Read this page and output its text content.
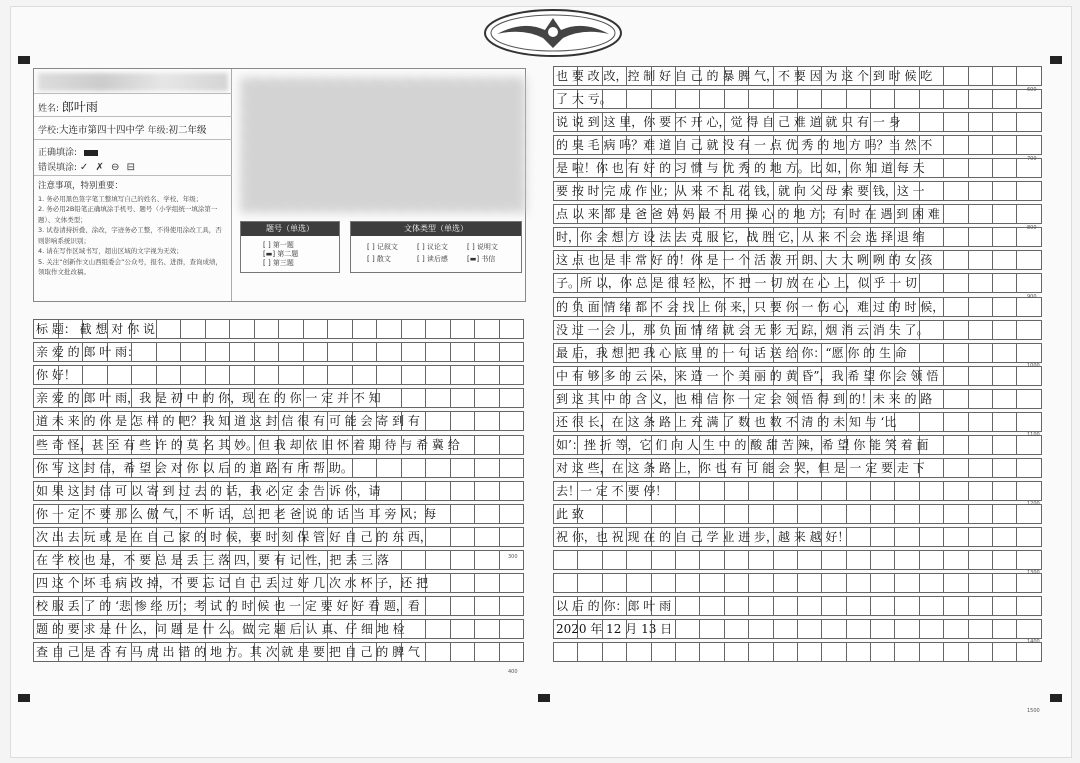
姓名: 郎叶雨
学校:大连市第四十四中学 年级:初二年级
正确填涂:
错误填涂: ✓ ✗ ⊖ ⊟
注意事项，特别重要：
1. 务必用黑色签字笔工整填写自己的姓名、学校、年级；
2. 务必用2B铅笔正确填涂手机号、题号（小学组统一填涂第一题）、文体类型；
3. 试卷清持折叠、涂改，字迹务必工整，不得使用涂改工具，否则影响系统识别；
4. 请在写作区域书写，超出区域的文字视为无效；
5. 关注“创新作文山西组委会”公众号，报名、进群，查询成绩，领取作文批改稿。
题号（单选）
[ ] 第一题
[▬] 第二题
[ ] 第三题
文体类型（单选）
[ ] 记叙文	[ ] 议论文	[ ] 说明文
[ ] 散文	[ ] 读后感	[▬] 书信
标 题： 截 想 对 你 说
亲 爱 的 郎 叶 雨：
你 好！
亲 爱 的 郎 叶 雨，我 是 初 中 的 你，现 在 的 你 一 定 并 不 知
道 未 来 的 你 是 怎 样 的 吧？我 知 道 这 封 信 很 有 可 能 会 寄 到 有
些 奇 怪，甚 至 有 些 许 的 莫 名 其 妙。但 我 却 依 旧 怀 着 期 待 与 希 冀 给
你 写 这 封 信，希 望 会 对 你 以 后 的 道 路 有 所 帮 助。
如 果 这 封 信 可 以 寄 到 过 去 的 话，我 必 定 会 告 诉 你，请
你 一 定 不 要 那 么 傲 气，不 听 话，总 把 老 爸 说 的 话 当 耳 旁 风；每
次 出 去 玩 或 是 在 自 己 家 的 时 候，要 时 刻 保 管 好 自 己 的 东 西，
在 学 校 也 是，不 要 总 是 丢 三 落 四，要 有 记 性，把 丢 三 落
四 这 个 坏 毛 病 改 掉，不 要 忘 记 自 己 丢 过 好 几 次 水 杯 子，还 把
校 服 丢 了 的 ‘悲 惨 经 历’；考 试 的 时 候 也 一 定 要 好 好 看 题，看
题 的 要 求 是 什 么，问 题 是 什 么。做 完 题 后 认 真、仔 细 地 检
查 自 己 是 否 有 马 虎 出 错 的 地 方。其 次 就 是 要 把 自 己 的 脾 气
300
400
也 要 改 改，控 制 好 自 己 的 暴 脾 气，不 要 因 为 这 个 到 时 候 吃
了 大 亏。
说 说 到 这 里，你 要 不 开 心，觉 得 自 己 难 道 就 只 有 一 身
的 臭 毛 病 吗？难 道 自 己 就 没 有 一 点 优 秀 的 地 方 吗？当 然 不
是 啦！你 也 有 好 的 习 惯 与 优 秀 的 地 方。比 如，你 知 道 每 天
要 按 时 完 成 作 业；从 来 不 乱 花 钱，就 向 父 母 索 要 钱，这 一
点 以 来 都 是 爸 爸 妈 妈 最 不 用 操 心 的 地 方；有 时 在 遇 到 困 难
时，你 会 想 方 设 法 去 克 服 它，战 胜 它，从 来 不 会 选 择 退 缩
这 点 也 是 非 常 好 的！你 是 一 个 活 泼 开 朗、大 大 咧 咧 的 女 孩
子。所 以，你 总 是 很 轻 松，不 把 一 切 放 在 心 上，似 乎 一 切
的 负 面 情 绪 都 不 会 找 上 你 来，只 要 你 一 伤 心，难 过 的 时 候，
没 过 一 会 儿，那 负 面 情 绪 就 会 无 影 无 踪，烟 消 云 消 失 了。
最 后，我 想 把 我 心 底 里 的 一 句 话 送 给 你：“愿 你 的 生 命
中 有 够 多 的 云 朵，来 造 一 个 美 丽 的 黄 昏”，我 希 望 你 会 领 悟
到 这 其 中 的 含 义，也 相 信 你 一 定 会 领 悟 得 到 的！未 来 的 路
还 很 长，在 这 条 路 上 充 满 了 数 也 数 不 清 的 未 知 与 ‘比
如’：挫 折 等，它 们 向 人 生 中 的 酸 甜 苦 辣，希 望 你 能 笑 着 面
对 这 些，在 这 条 路 上，你 也 有 可 能 会 哭，但 是 一 定 要 走 下
去！一 定 不 要 停！
此 致
祝 你，也 祝 现 在 的 自 己 学 业 进 步，越 来 越 好！
以 后 的 你：郎 叶 雨
2020 年 12 月 13 日
600
700
800
900
1000
1100
1200
1300
1400
1500
